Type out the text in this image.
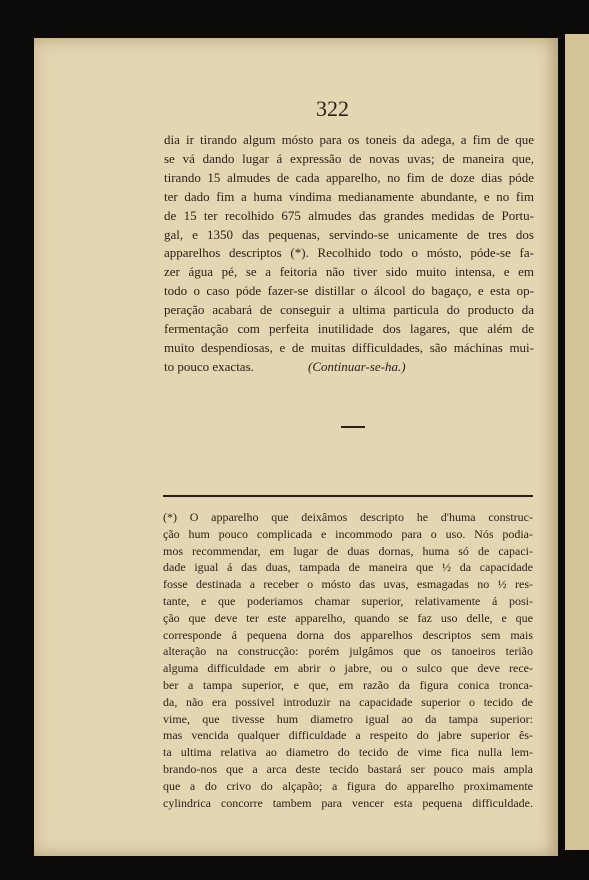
322

dia ir tirando algum mósto para os toneis da adega, a fim de que
se vá dando lugar á expressão de novas uvas; de maneira que,
tirando 15 almudes de cada apparelho, no fim de doze dias póde
ter dado fim a huma vindima medianamente abundante, e no fim
de 15 ter recolhido 675 almudes das grandes medidas de Portu-
gal, e 1350 das pequenas, servindo-se unicamente de tres dos
apparelhos descriptos (*). Recolhido todo o mósto, póde-se fa-
zer água pé, se a feitoria não tiver sido muito intensa, e em
todo o caso póde fazer-se distillar o álcool do bagaço, e esta op-
peração acabará de conseguir a ultima particula do producto da
fermentação com perfeita inutilidade dos lagares, que além de
muito despendiosas, e de muitas difficuldades, são máchinas mui-
to pouco exactas.	(Continuar-se-ha.)
(*) O apparelho que deixâmos descripto he d'huma construc-
ção hum pouco complicada e incommodo para o uso. Nós podia-
mos recommendar, em lugar de duas dornas, huma só de capaci-
dade igual á das duas, tampada de maneira que ½ da capacidade
fosse destinada a receber o mósto das uvas, esmagadas no ½ res-
tante, e que poderiamos chamar superior, relativamente á posi-
ção que deve ter este apparelho, quando se faz uso delle, e que
corresponde á pequena dorna dos apparelhos descriptos sem mais
alteração na construcção: porém julgâmos que os tanoeiros terião
alguma difficuldade em abrir o jabre, ou o sulco que deve rece-
ber a tampa superior, e que, em razão da figura conica tronca-
da, não era possivel introduzir na capacidade superior o tecido de
vime, que tivesse hum diametro igual ao da tampa superior:
mas vencida qualquer difficuldade a respeito do jabre superior ês-
ta ultima relativa ao diametro do tecido de vime fica nulla lem-
brando-nos que a arca deste tecido bastará ser pouco mais ampla
que a do crivo do alçapão; a figura do apparelho proximamente
cylindrica concorre tambem para vencer esta pequena difficuldade.
